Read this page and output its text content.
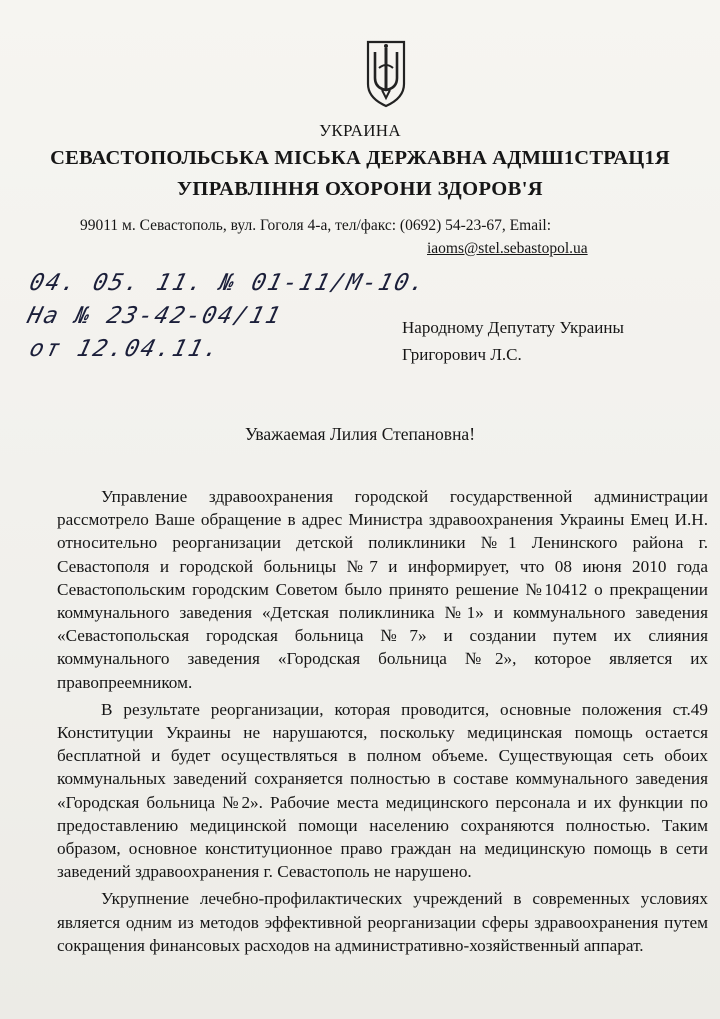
УКРАИНА
СЕВАСТОПОЛЬСЬКА МІСЬКА ДЕРЖАВНА АДМШ1СТРАЦ1Я
УПРАВЛІННЯ ОХОРОНИ ЗДОРОВ'Я
99011 м. Севастополь, вул. Гоголя 4-а, тел/факс: (0692) 54-23-67, Email:
iaoms@stel.sebastopol.ua
04. 05. 11. № 01-11/М-10.
На № 23-42-04/11
от 12.04.11.
Народному Депутату Украины
Григорович Л.С.
Уважаемая Лилия Степановна!

Управление здравоохранения городской государственной администрации рассмотрело Ваше обращение в адрес Министра здравоохранения Украины Емец И.Н. относительно реорганизации детской поликлиники №1 Ленинского района г. Севастополя и городской больницы №7 и информирует, что 08 июня 2010 года Севастопольским городским Советом было принято решение №10412 о прекращении коммунального заведения «Детская поликлиника №1» и коммунального заведения «Севастопольская городская больница №7» и создании путем их слияния коммунального заведения «Городская больница №2», которое является их правопреемником.

В результате реорганизации, которая проводится, основные положения ст.49 Конституции Украины не нарушаются, поскольку медицинская помощь остается бесплатной и будет осуществляться в полном объеме. Существующая сеть обоих коммунальных заведений сохраняется полностью в составе коммунального заведения «Городская больница №2». Рабочие места медицинского персонала и их функции по предоставлению медицинской помощи населению сохраняются полностью. Таким образом, основное конституционное право граждан на медицинскую помощь в сети заведений здравоохранения г. Севастополь не нарушено.

Укрупнение лечебно-профилактических учреждений в современных условиях является одним из методов эффективной реорганизации сферы здравоохранения путем сокращения финансовых расходов на административно-хозяйственный аппарат.
